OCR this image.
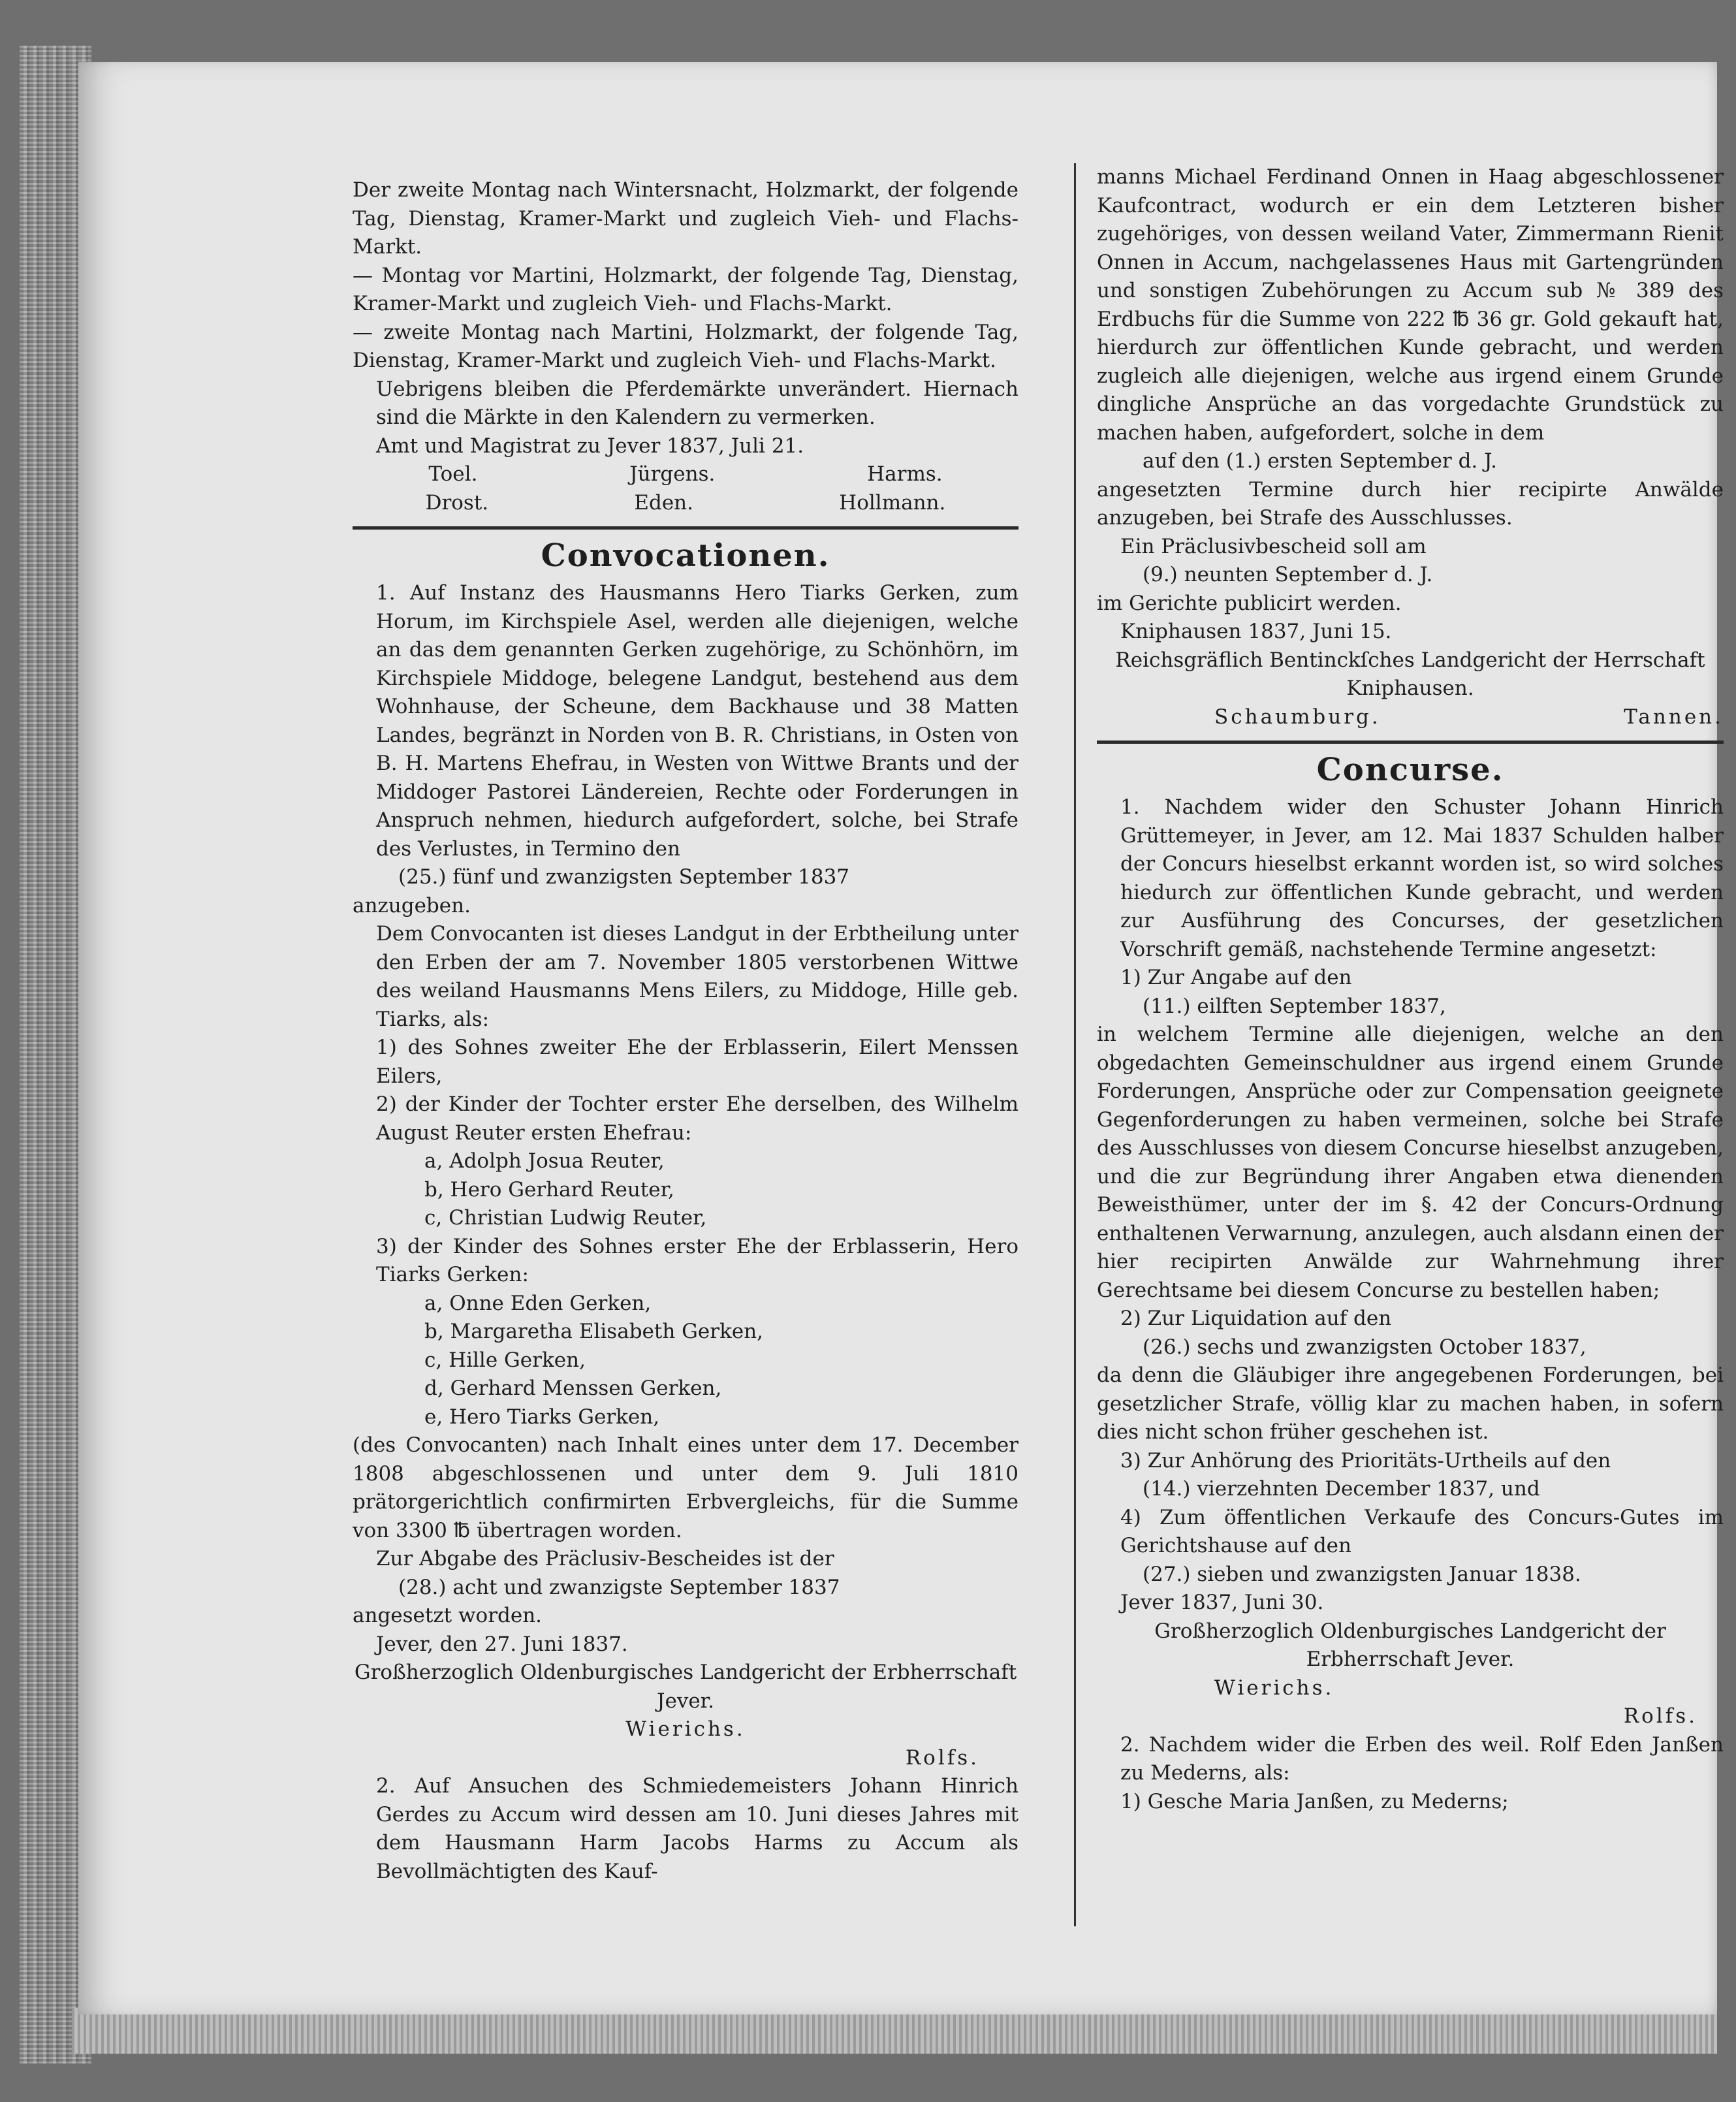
Der zweite Montag nach Wintersnacht, Holzmarkt, der folgende Tag, Dienstag, Kramer-Markt und zugleich Vieh- und Flachs-Markt.

— Montag vor Martini, Holzmarkt, der folgende Tag, Dienstag, Kramer-Markt und zugleich Vieh- und Flachs-Markt.

— zweite Montag nach Martini, Holzmarkt, der folgende Tag, Dienstag, Kramer-Markt und zugleich Vieh- und Flachs-Markt.

Uebrigens bleiben die Pferdemärkte unverändert. Hiernach sind die Märkte in den Kalendern zu vermerken.

Amt und Magistrat zu Jever 1837, Juli 21.

Toel.	Jürgens.	Harms.
Drost.	Eden.	Hollmann.
Convocationen.

1. Auf Instanz des Hausmanns Hero Tiarks Gerken, zum Horum, im Kirchspiele Asel, werden alle diejenigen, welche an das dem genannten Gerken zugehörige, zu Schönhörn, im Kirchspiele Middoge, belegene Landgut, bestehend aus dem Wohnhause, der Scheune, dem Backhause und 38 Matten Landes, begränzt in Norden von B. R. Christians, in Osten von B. H. Martens Ehefrau, in Westen von Wittwe Brants und der Middoger Pastorei Ländereien, Rechte oder Forderungen in Anspruch nehmen, hiedurch aufgefordert, solche, bei Strafe des Verlustes, in Termino den

(25.) fünf und zwanzigsten September 1837

anzugeben.

Dem Convocanten ist dieses Landgut in der Erbtheilung unter den Erben der am 7. November 1805 verstorbenen Wittwe des weiland Hausmanns Mens Eilers, zu Middoge, Hille geb. Tiarks, als:

1) des Sohnes zweiter Ehe der Erblasserin, Eilert Menssen Eilers,

2) der Kinder der Tochter erster Ehe derselben, des Wilhelm August Reuter ersten Ehefrau:

a, Adolph Josua Reuter,

b, Hero Gerhard Reuter,

c, Christian Ludwig Reuter,

3) der Kinder des Sohnes erster Ehe der Erblasserin, Hero Tiarks Gerken:

a, Onne Eden Gerken,

b, Margaretha Elisabeth Gerken,

c, Hille Gerken,

d, Gerhard Menssen Gerken,

e, Hero Tiarks Gerken,

(des Convocanten) nach Inhalt eines unter dem 17. December 1808 abgeschlossenen und unter dem 9. Juli 1810 prätorgerichtlich confirmirten Erbvergleichs, für die Summe von 3300 ℔ übertragen worden.

Zur Abgabe des Präclusiv-Bescheides ist der

(28.) acht und zwanzigste September 1837

angesetzt worden.

Jever, den 27. Juni 1837.

Großherzoglich Oldenburgisches Landgericht der Erbherrschaft Jever.

Wierichs.

Rolfs.

2. Auf Ansuchen des Schmiedemeisters Johann Hinrich Gerdes zu Accum wird dessen am 10. Juni dieses Jahres mit dem Hausmann Harm Jacobs Harms zu Accum als Bevollmächtigten des Kauf-

manns Michael Ferdinand Onnen in Haag abgeschlossener Kaufcontract, wodurch er ein dem Letzteren bisher zugehöriges, von dessen weiland Vater, Zimmermann Rienit Onnen in Accum, nachgelassenes Haus mit Gartengründen und sonstigen Zubehörungen zu Accum sub № 389 des Erdbuchs für die Summe von 222 ℔ 36 gr. Gold gekauft hat, hierdurch zur öffentlichen Kunde gebracht, und werden zugleich alle diejenigen, welche aus irgend einem Grunde dingliche Ansprüche an das vorgedachte Grundstück zu machen haben, aufgefordert, solche in dem

auf den (1.) ersten September d. J.

angesetzten Termine durch hier recipirte Anwälde anzugeben, bei Strafe des Ausschlusses.

Ein Präclusivbescheid soll am

(9.) neunten September d. J.

im Gerichte publicirt werden.

Kniphausen 1837, Juni 15.

Reichsgräflich Bentinckſches Landgericht der Herrschaft Kniphausen.

Schaumburg.	Tannen.
Concurse.

1. Nachdem wider den Schuster Johann Hinrich Grüttemeyer, in Jever, am 12. Mai 1837 Schulden halber der Concurs hieselbst erkannt worden ist, so wird solches hiedurch zur öffentlichen Kunde gebracht, und werden zur Ausführung des Concurses, der gesetzlichen Vorschrift gemäß, nachstehende Termine angesetzt:

1) Zur Angabe auf den

(11.) eilften September 1837,

in welchem Termine alle diejenigen, welche an den obgedachten Gemeinschuldner aus irgend einem Grunde Forderungen, Ansprüche oder zur Compensation geeignete Gegenforderungen zu haben vermeinen, solche bei Strafe des Ausschlusses von diesem Concurse hieselbst anzugeben, und die zur Begründung ihrer Angaben etwa dienenden Beweisthümer, unter der im §. 42 der Concurs-Ordnung enthaltenen Verwarnung, anzulegen, auch alsdann einen der hier recipirten Anwälde zur Wahrnehmung ihrer Gerechtsame bei diesem Concurse zu bestellen haben;

2) Zur Liquidation auf den

(26.) sechs und zwanzigsten October 1837,

da denn die Gläubiger ihre angegebenen Forderungen, bei gesetzlicher Strafe, völlig klar zu machen haben, in sofern dies nicht schon früher geschehen ist.

3) Zur Anhörung des Prioritäts-Urtheils auf den

(14.) vierzehnten December 1837, und

4) Zum öffentlichen Verkaufe des Concurs-Gutes im Gerichtshause auf den

(27.) sieben und zwanzigsten Januar 1838.

Jever 1837, Juni 30.

Großherzoglich Oldenburgisches Landgericht der Erbherrschaft Jever.

Wierichs.

Rolfs.

2. Nachdem wider die Erben des weil. Rolf Eden Janßen zu Mederns, als:

1) Gesche Maria Janßen, zu Mederns;
